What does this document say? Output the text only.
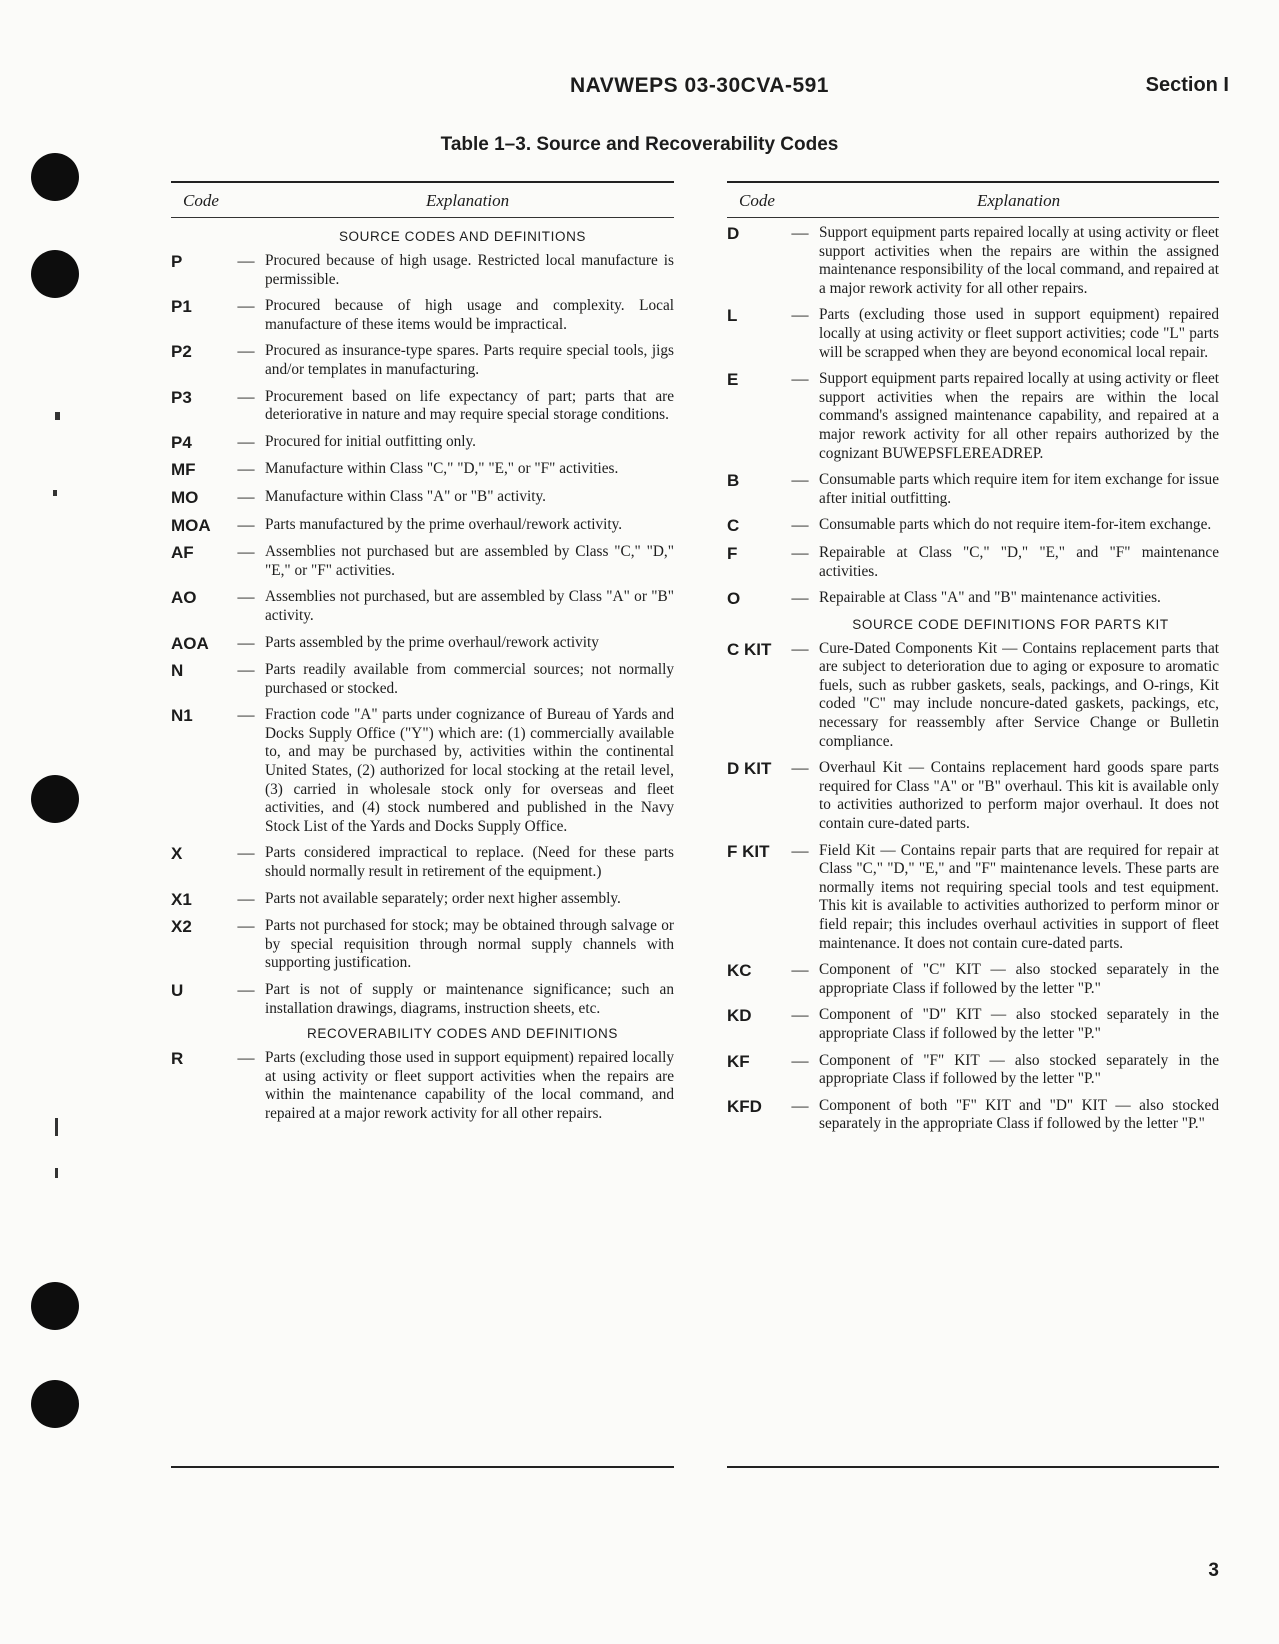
NAVWEPS 03-30CVA-591	Section I
Table 1–3. Source and Recoverability Codes
Code	Explanation
SOURCE CODES AND DEFINITIONS
P	— Procured because of high usage. Restricted local manufacture is permissible.
P1	— Procured because of high usage and complexity. Local manufacture of these items would be impractical.
P2	— Procured as insurance-type spares. Parts require special tools, jigs and/or templates in manufacturing.
P3	— Procurement based on life expectancy of part; parts that are deteriorative in nature and may require special storage conditions.
P4	— Procured for initial outfitting only.
MF	— Manufacture within Class "C," "D," "E," or "F" activities.
MO	— Manufacture within Class "A" or "B" activity.
MOA	— Parts manufactured by the prime overhaul/rework activity.
AF	— Assemblies not purchased but are assembled by Class "C," "D," "E," or "F" activities.
AO	— Assemblies not purchased, but are assembled by Class "A" or "B" activity.
AOA	— Parts assembled by the prime overhaul/rework activity
N	— Parts readily available from commercial sources; not normally purchased or stocked.
N1	— Fraction code "A" parts under cognizance of Bureau of Yards and Docks Supply Office ("Y") which are: (1) commercially available to, and may be purchased by, activities within the continental United States, (2) authorized for local stocking at the retail level, (3) carried in wholesale stock only for overseas and fleet activities, and (4) stock numbered and published in the Navy Stock List of the Yards and Docks Supply Office.
X	— Parts considered impractical to replace. (Need for these parts should normally result in retirement of the equipment.)
X1	— Parts not available separately; order next higher assembly.
X2	— Parts not purchased for stock; may be obtained through salvage or by special requisition through normal supply channels with supporting justification.
U	— Part is not of supply or maintenance significance; such an installation drawings, diagrams, instruction sheets, etc.
RECOVERABILITY CODES AND DEFINITIONS
R	— Parts (excluding those used in support equipment) repaired locally at using activity or fleet support activities when the repairs are within the maintenance capability of the local command, and repaired at a major rework activity for all other repairs.
Code	Explanation
D	— Support equipment parts repaired locally at using activity or fleet support activities when the repairs are within the assigned maintenance responsibility of the local command, and repaired at a major rework activity for all other repairs.
L	— Parts (excluding those used in support equipment) repaired locally at using activity or fleet support activities; code "L" parts will be scrapped when they are beyond economical local repair.
E	— Support equipment parts repaired locally at using activity or fleet support activities when the repairs are within the local command's assigned maintenance capability, and repaired at a major rework activity for all other repairs authorized by the cognizant BUWEPSFLEREADREP.
B	— Consumable parts which require item for item exchange for issue after initial outfitting.
C	— Consumable parts which do not require item-for-item exchange.
F	— Repairable at Class "C," "D," "E," and "F" maintenance activities.
O	— Repairable at Class "A" and "B" maintenance activities.
SOURCE CODE DEFINITIONS FOR PARTS KIT
C KIT	— Cure-Dated Components Kit — Contains replacement parts that are subject to deterioration due to aging or exposure to aromatic fuels, such as rubber gaskets, seals, packings, and O-rings, Kit coded "C" may include noncure-dated gaskets, packings, etc, necessary for reassembly after Service Change or Bulletin compliance.
D KIT	— Overhaul Kit — Contains replacement hard goods spare parts required for Class "A" or "B" overhaul. This kit is available only to activities authorized to perform major overhaul. It does not contain cure-dated parts.
F KIT	— Field Kit — Contains repair parts that are required for repair at Class "C," "D," "E," and "F" maintenance levels. These parts are normally items not requiring special tools and test equipment. This kit is available to activities authorized to perform minor or field repair; this includes overhaul activities in support of fleet maintenance. It does not contain cure-dated parts.
KC	— Component of "C" KIT — also stocked separately in the appropriate Class if followed by the letter "P."
KD	— Component of "D" KIT — also stocked separately in the appropriate Class if followed by the letter "P."
KF	— Component of "F" KIT — also stocked separately in the appropriate Class if followed by the letter "P."
KFD	— Component of both "F" KIT and "D" KIT — also stocked separately in the appropriate Class if followed by the letter "P."
3
